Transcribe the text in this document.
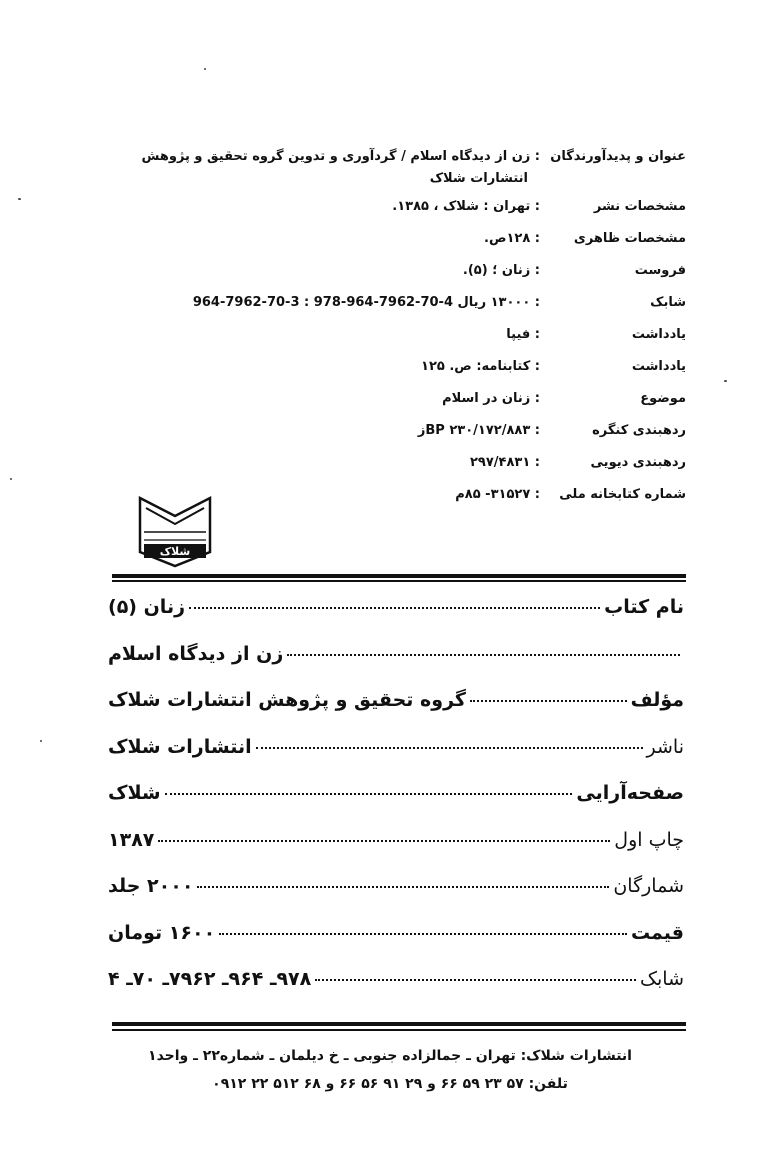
عنوان و پدیدآورندگان
: زن از دیدگاه اسلام / گردآوری و تدوین گروه تحقیق و پژوهش
انتشارات شلاک
مشخصات نشر
: تهران : شلاک ، ۱۳۸۵.
مشخصات ظاهری
: ۱۲۸ص.
فروست
: زنان ؛ (۵).
شابک
: ۱۳۰۰۰ ریال 4-70-7962-964-978 : 3-70-7962-964
یادداشت
: فیپا
یادداشت
: کتابنامه: ص. ۱۲۵
موضوع
: زنان در اسلام
ردهبندی کنگره
: BP ۲۳۰/۱۷۲/۸۸۳ز
ردهبندی دیویی
: ۲۹۷/۴۸۳۱
شماره کتابخانه ملی
: ۳۱۵۲۷- ۸۵م
شلاک
نام کتاب
زنان (۵)
زن از دیدگاه اسلام
مؤلف
گروه تحقیق و پژوهش انتشارات شلاک
ناشر
انتشارات شلاک
صفحه‌آرایی
شلاک
چاپ اول
۱۳۸۷
شمارگان
۲۰۰۰ جلد
قیمت
۱۶۰۰ تومان
شابک
۹۷۸ـ ۹۶۴ـ ۷۹۶۲ـ ۷۰ـ ۴
انتشارات شلاک: تهران ـ جمالزاده جنوبی ـ خ دیلمان ـ شماره۲۲ ـ واحد۱
تلفن: ۵۷ ۲۳ ۵۹ ۶۶ و ۲۹ ۹۱ ۵۶ ۶۶ و ۶۸ ۵۱۲ ۲۲ ۰۹۱۲
